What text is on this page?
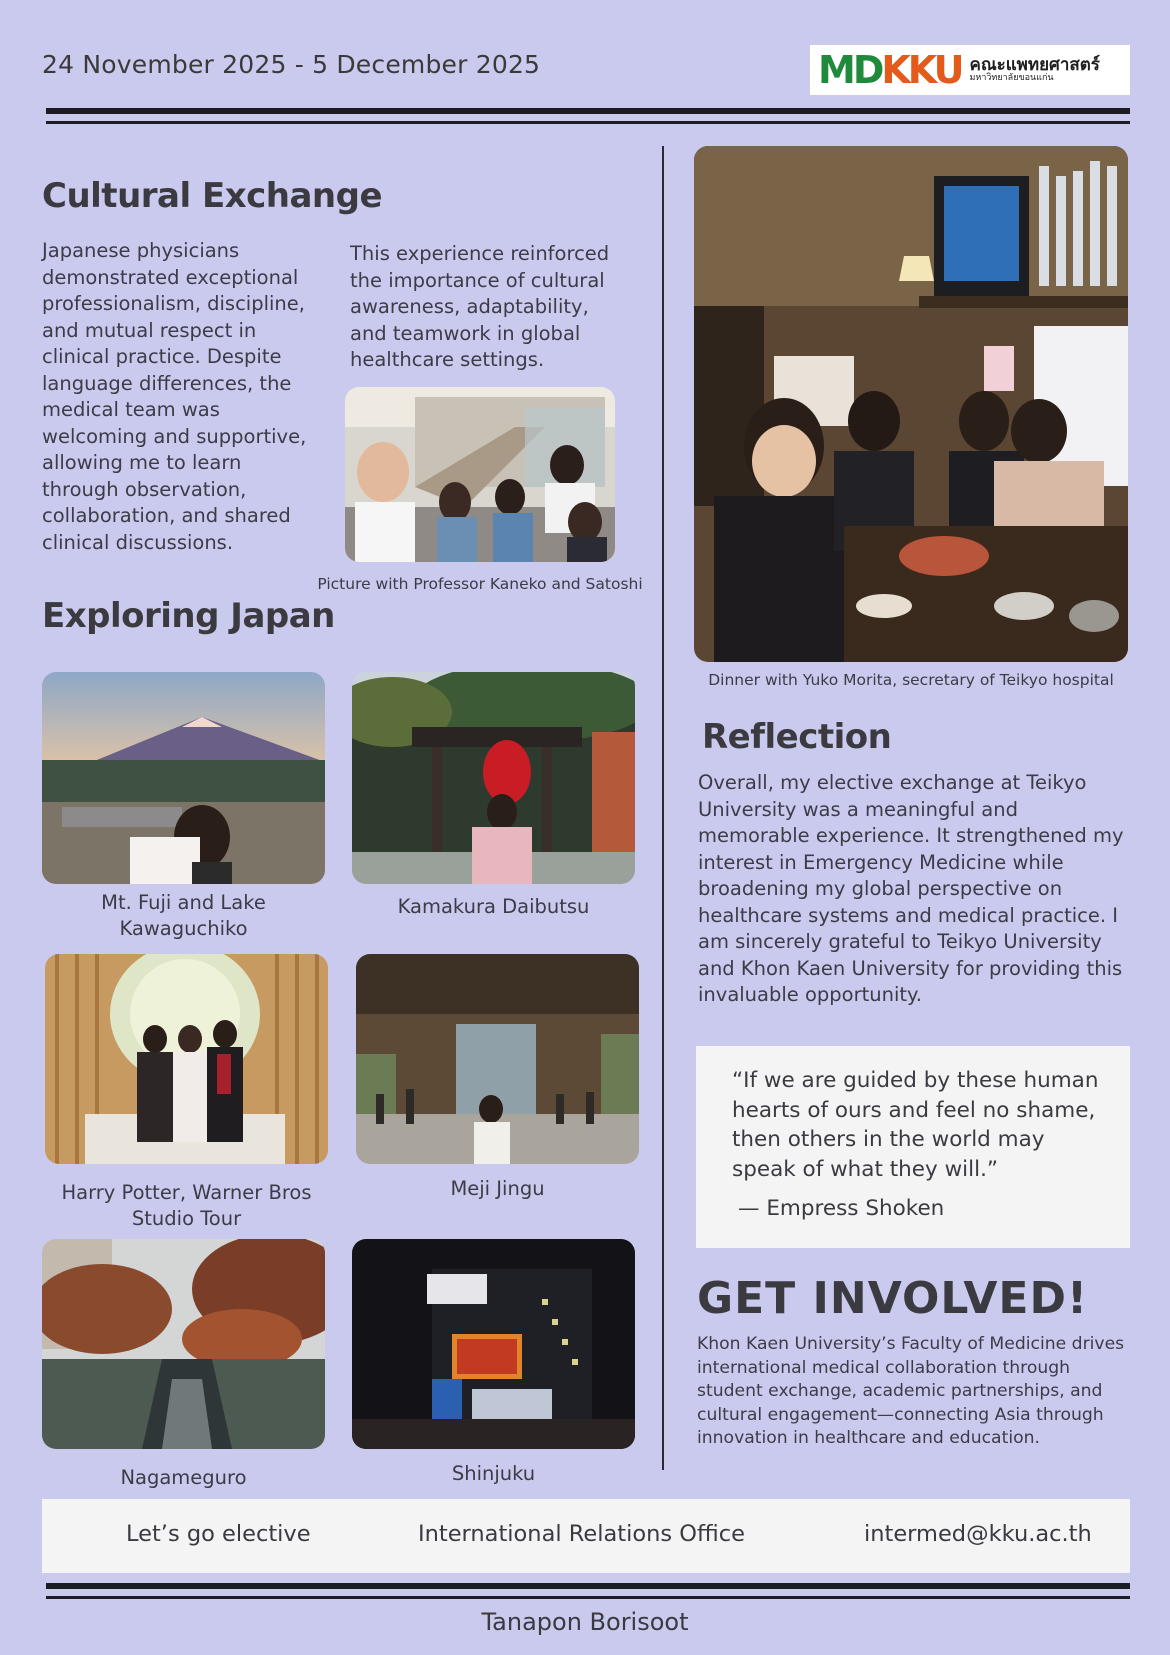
24 November 2025 - 5 December 2025	MD KKU คณะแพทยศาสตร์
มหาวิทยาลัยขอนแก่น
Cultural Exchange

Japanese physicians demonstrated exceptional professionalism, discipline, and mutual respect in clinical practice. Despite language differences, the medical team was welcoming and supportive, allowing me to learn through observation, collaboration, and shared clinical discussions.

This experience reinforced the importance of cultural awareness, adaptability, and teamwork in global healthcare settings.

Picture with Professor Kaneko and Satoshi
Exploring Japan
Mt. Fuji and Lake Kawaguchiko
Kamakura Daibutsu
Harry Potter, Warner Bros Studio Tour
Meji Jingu
Nagameguro	Shinjuku
Dinner with Yuko Morita, secretary of Teikyo hospital
Reflection

Overall, my elective exchange at Teikyo University was a meaningful and memorable experience. It strengthened my interest in Emergency Medicine while broadening my global perspective on healthcare systems and medical practice. I am sincerely grateful to Teikyo University and Khon Kaen University for providing this invaluable opportunity.

“If we are guided by these human hearts of ours and feel no shame, then others in the world may speak of what they will.”

— Empress Shoken

GET INVOLVED!

Khon Kaen University’s Faculty of Medicine drives international medical collaboration through student exchange, academic partnerships, and cultural engagement—connecting Asia through innovation in healthcare and education.

Let’s go elective	International Relations Office	intermed@kku.ac.th
Tanapon Borisoot
